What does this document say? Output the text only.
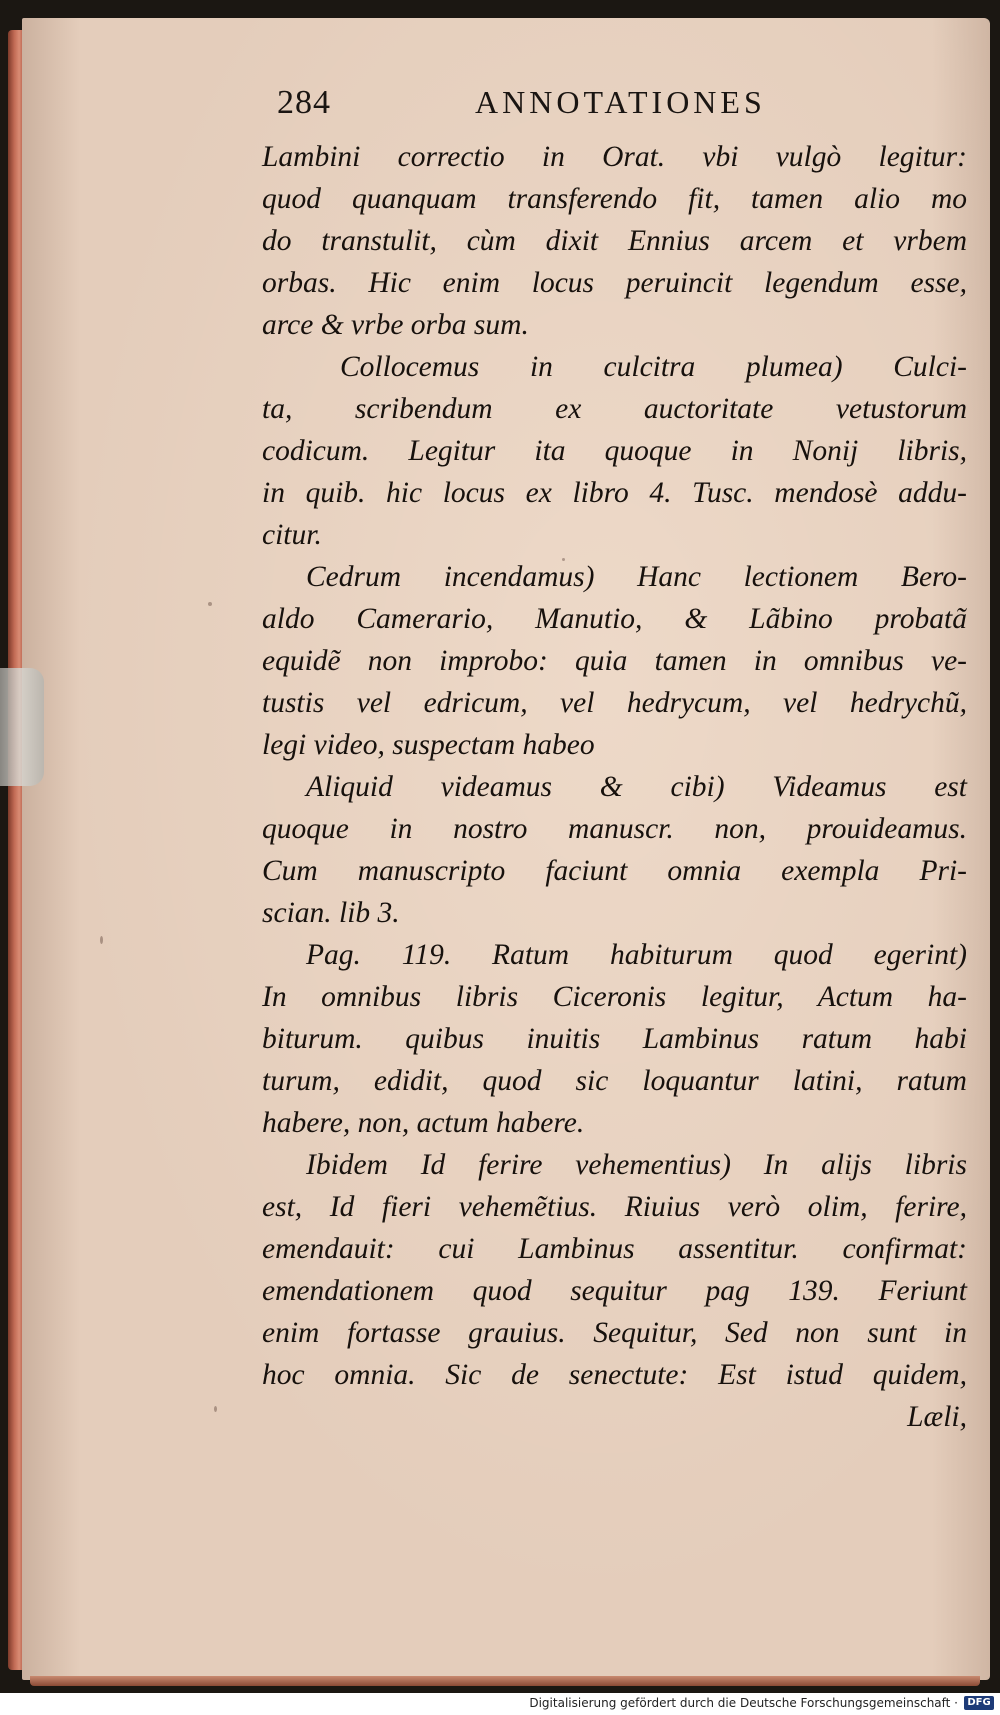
284	ANNOTATIONES
Lambini correctio in Orat. vbi vulgò legitur:
quod quanquam transferendo fit, tamen alio mo
do transtulit, cùm dixit Ennius arcem et vrbem
orbas. Hic enim locus peruincit legendum esse,
arce & vrbe orba sum.
Collocemus in culcitra plumea) Culci-
ta, scribendum ex auctoritate vetustorum
codicum. Legitur ita quoque in Nonij libris,
in quib. hic locus ex libro 4. Tusc. mendosè addu-
citur.
Cedrum incendamus) Hanc lectionem Bero-
aldo Camerario, Manutio, & Lãbino probatã
equidẽ non improbo: quia tamen in omnibus ve-
tustis vel edricum, vel hedrycum, vel hedrychũ,
legi video, suspectam habeo
Aliquid videamus & cibi) Videamus est
quoque in nostro manuscr. non, prouideamus.
Cum manuscripto faciunt omnia exempla Pri-
scian. lib 3.
Pag. 119. Ratum habiturum quod egerint)
In omnibus libris Ciceronis legitur, Actum ha-
biturum. quibus inuitis Lambinus ratum habi
turum, edidit, quod sic loquantur latini, ratum
habere, non, actum habere.
Ibidem Id ferire vehementius) In alijs libris
est, Id fieri vehemẽtius. Riuius verò olim, ferire,
emendauit: cui Lambinus assentitur. confirmat:
emendationem quod sequitur pag 139. Feriunt
enim fortasse grauius. Sequitur, Sed non sunt in
hoc omnia. Sic de senectute: Est istud quidem,
Læli,
Digitalisierung gefördert durch die Deutsche Forschungsgemeinschaft · DFG
